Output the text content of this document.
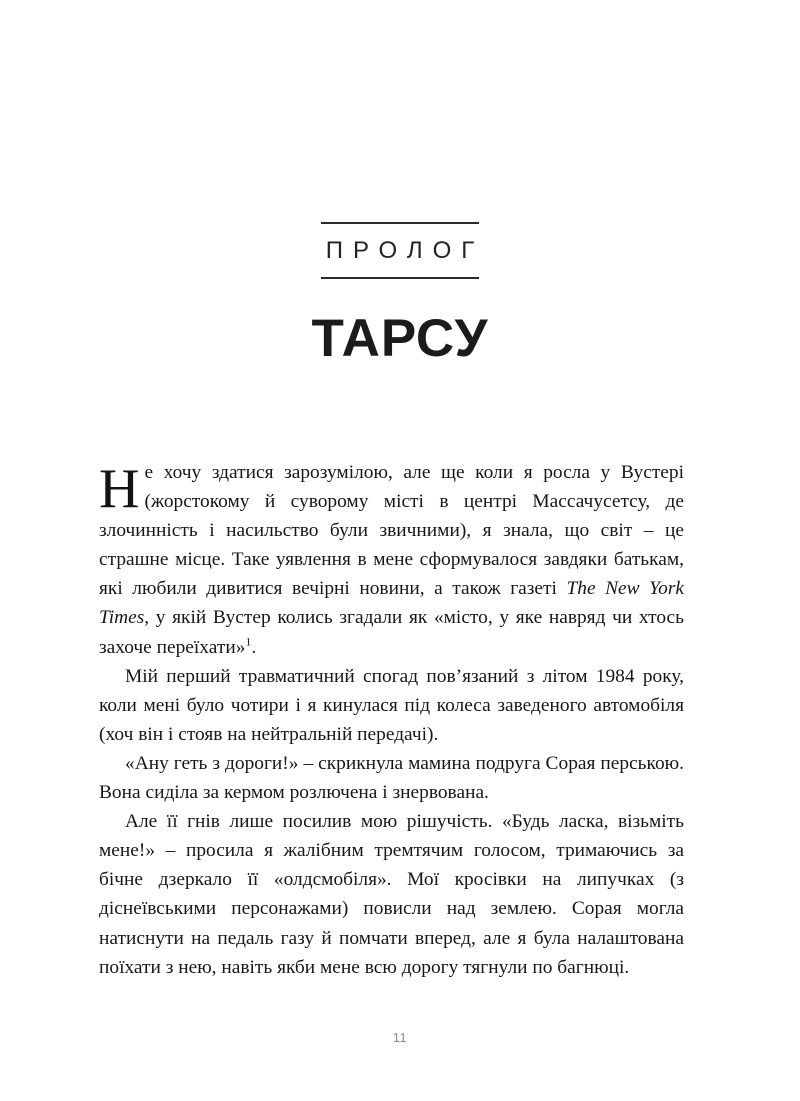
ПРОЛОГ
ТАРСУ

Не хочу здатися зарозумілою, але ще коли я росла у Вустері (жорстокому й суворому місті в центрі Массачусетсу, де злочинність і насильство були звичними), я знала, що світ – це страшне місце. Таке уявлення в мене сформувалося завдяки батькам, які любили дивитися вечірні новини, а також газеті The New York Times, у якій Вустер колись згадали як «місто, у яке навряд чи хтось захоче переїхати»$^1$.

Мій перший травматичний спогад пов’язаний з літом 1984 року, коли мені було чотири і я кинулася під колеса заведеного автомобіля (хоч він і стояв на нейтральній передачі).

«Ану геть з дороги!» – скрикнула мамина подруга Сорая перською. Вона сиділа за кермом розлючена і знервована.

Але її гнів лише посилив мою рішучість. «Будь ласка, візьміть мене!» – просила я жалібним тремтячим голосом, тримаючись за бічне дзеркало її «олдсмобіля». Мої кросівки на липучках (з діснеївськими персонажами) повисли над землею. Сорая могла натиснути на педаль газу й помчати вперед, але я була налаштована поїхати з нею, навіть якби мене всю дорогу тягнули по багнюці.

11
